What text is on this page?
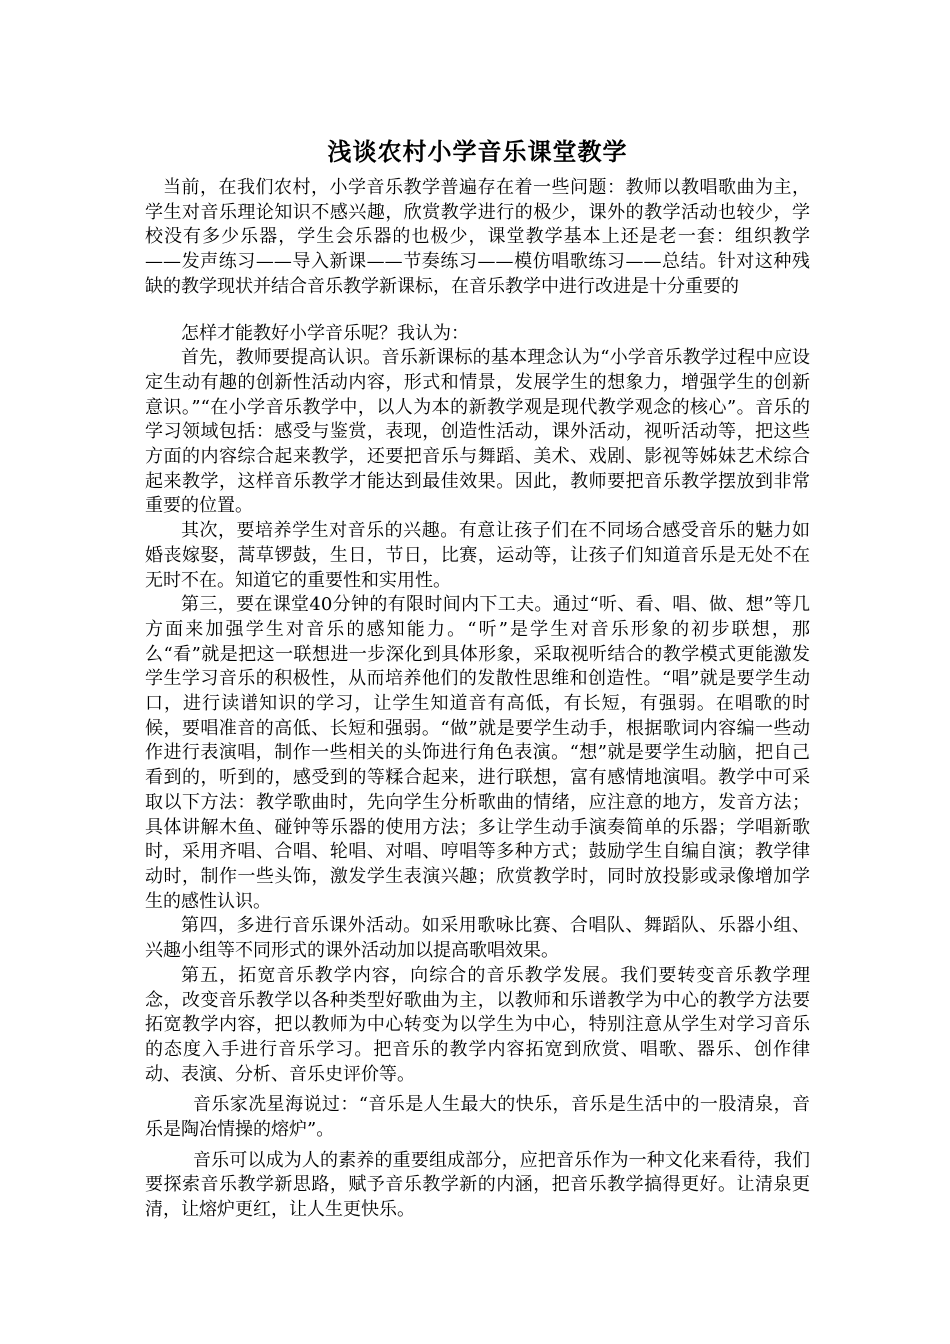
浅谈农村小学音乐课堂教学

当前，在我们农村，小学音乐教学普遍存在着一些问题：教师以教唱歌曲为主，学生对音乐理论知识不感兴趣，欣赏教学进行的极少，课外的教学活动也较少，学校没有多少乐器，学生会乐器的也极少，课堂教学基本上还是老一套：组织教学——发声练习——导入新课——节奏练习——模仿唱歌练习——总结。针对这种残缺的教学现状并结合音乐教学新课标，在音乐教学中进行改进是十分重要的

怎样才能教好小学音乐呢？我认为：

首先，教师要提高认识。音乐新课标的基本理念认为“小学音乐教学过程中应设定生动有趣的创新性活动内容，形式和情景，发展学生的想象力，增强学生的创新意识。”“在小学音乐教学中，以人为本的新教学观是现代教学观念的核心”。音乐的学习领域包括：感受与鉴赏，表现，创造性活动，课外活动，视听活动等，把这些方面的内容综合起来教学，还要把音乐与舞蹈、美术、戏剧、影视等姊妹艺术综合起来教学，这样音乐教学才能达到最佳效果。因此，教师要把音乐教学摆放到非常重要的位置。

其次，要培养学生对音乐的兴趣。有意让孩子们在不同场合感受音乐的魅力如婚丧嫁娶，蒿草锣鼓，生日，节日，比赛，运动等，让孩子们知道音乐是无处不在无时不在。知道它的重要性和实用性。

第三，要在课堂40分钟的有限时间内下工夫。通过“听、看、唱、做、想”等几方面来加强学生对音乐的感知能力。“听”是学生对音乐形象的初步联想，那么“看”就是把这一联想进一步深化到具体形象，采取视听结合的教学模式更能激发学生学习音乐的积极性，从而培养他们的发散性思维和创造性。“唱”就是要学生动口，进行读谱知识的学习，让学生知道音有高低，有长短，有强弱。在唱歌的时候，要唱准音的高低、长短和强弱。“做”就是要学生动手，根据歌词内容编一些动作进行表演唱，制作一些相关的头饰进行角色表演。“想”就是要学生动脑，把自己看到的，听到的，感受到的等糅合起来，进行联想，富有感情地演唱。教学中可采取以下方法：教学歌曲时，先向学生分析歌曲的情绪，应注意的地方，发音方法；具体讲解木鱼、碰钟等乐器的使用方法；多让学生动手演奏简单的乐器；学唱新歌时，采用齐唱、合唱、轮唱、对唱、哼唱等多种方式；鼓励学生自编自演；教学律动时，制作一些头饰，激发学生表演兴趣；欣赏教学时，同时放投影或录像增加学生的感性认识。

第四，多进行音乐课外活动。如采用歌咏比赛、合唱队、舞蹈队、乐器小组、兴趣小组等不同形式的课外活动加以提高歌唱效果。

第五，拓宽音乐教学内容，向综合的音乐教学发展。我们要转变音乐教学理念，改变音乐教学以各种类型好歌曲为主，以教师和乐谱教学为中心的教学方法要拓宽教学内容，把以教师为中心转变为以学生为中心，特别注意从学生对学习音乐的态度入手进行音乐学习。把音乐的教学内容拓宽到欣赏、唱歌、器乐、创作律动、表演、分析、音乐史评价等。

音乐家冼星海说过：“音乐是人生最大的快乐，音乐是生活中的一股清泉，音乐是陶冶情操的熔炉”。

音乐可以成为人的素养的重要组成部分，应把音乐作为一种文化来看待，我们要探索音乐教学新思路，赋予音乐教学新的内涵，把音乐教学搞得更好。让清泉更清，让熔炉更红，让人生更快乐。
